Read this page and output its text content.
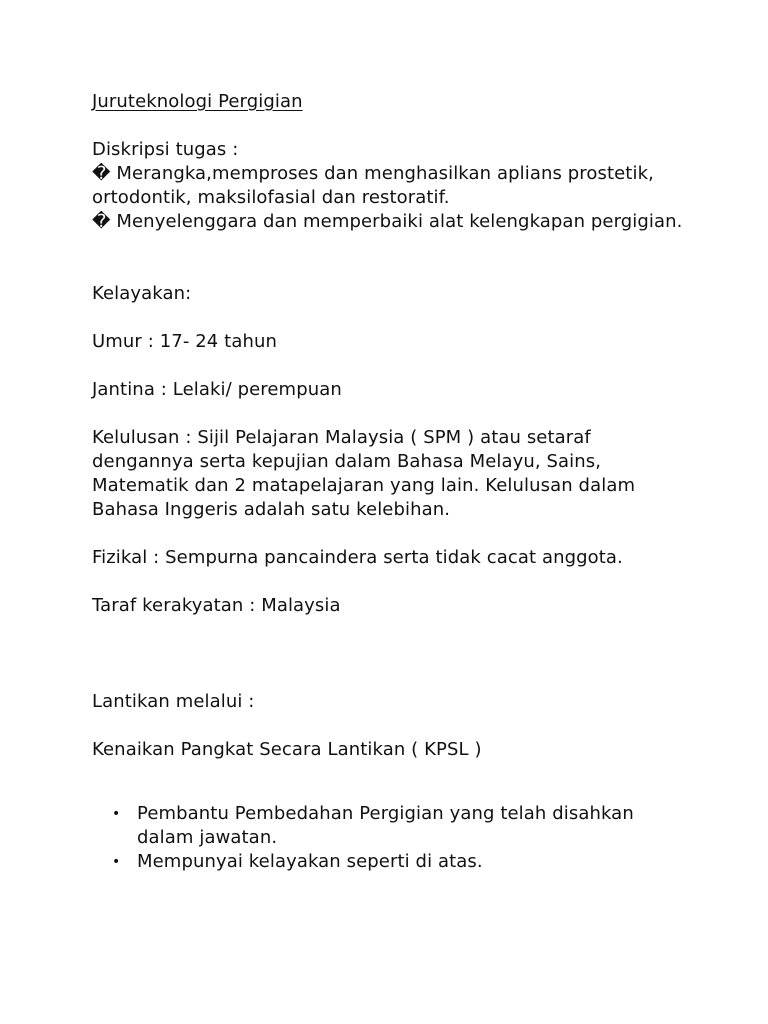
Juruteknologi Pergigian

Diskripsi tugas :

� Merangka,memproses dan menghasilkan aplians prostetik, ortodontik, maksilofasial dan restoratif.

� Menyelenggara dan memperbaiki alat kelengkapan pergigian.

Kelayakan:

Umur : 17- 24 tahun

Jantina : Lelaki/ perempuan

Kelulusan : Sijil Pelajaran Malaysia ( SPM ) atau setaraf dengannya serta kepujian dalam Bahasa Melayu, Sains, Matematik dan 2 matapelajaran yang lain. Kelulusan dalam Bahasa Inggeris adalah satu kelebihan.

Fizikal : Sempurna pancaindera serta tidak cacat anggota.

Taraf kerakyatan : Malaysia

Lantikan melalui :

Kenaikan Pangkat Secara Lantikan ( KPSL )

• Pembantu Pembedahan Pergigian yang telah disahkan dalam jawatan.
• Mempunyai kelayakan seperti di atas.
